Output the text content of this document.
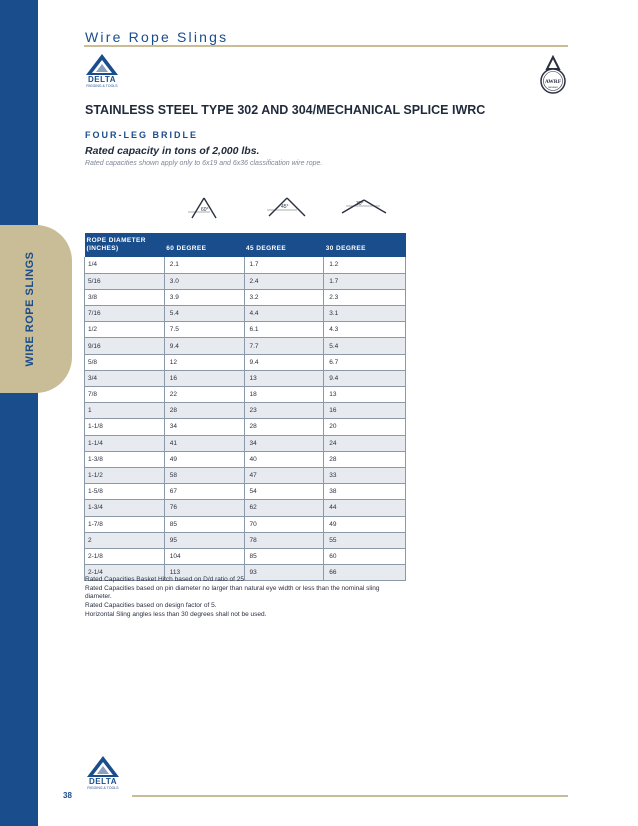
WIRE ROPE SLINGS
Wire Rope Slings
DELTA
RIGGING & TOOLS
AWRF
MEMBER
STAINLESS STEEL TYPE 302 AND 304/MECHANICAL SPLICE IWRC
FOUR-LEG BRIDLE
Rated capacity in tons of 2,000 lbs.
Rated capacities shown apply only to 6x19 and 6x36 classification wire rope.
60°	45°	30°
ROPE DIAMETER (INCHES)	60 DEGREE	45 DEGREE	30 DEGREE
1/4	2.1	1.7	1.2
5/16	3.0	2.4	1.7
3/8	3.9	3.2	2.3
7/16	5.4	4.4	3.1
1/2	7.5	6.1	4.3
9/16	9.4	7.7	5.4
5/8	12	9.4	6.7
3/4	16	13	9.4
7/8	22	18	13
1	28	23	16
1-1/8	34	28	20
1-1/4	41	34	24
1-3/8	49	40	28
1-1/2	58	47	33
1-5/8	67	54	38
1-3/4	76	62	44
1-7/8	85	70	49
2	95	78	55
2-1/8	104	85	60
2-1/4	113	93	66

Rated Capacities Basket Hitch based on D/d ratio of 25

Rated Capacities based on pin diameter no larger than natural eye width or less than the nominal sling diameter.

Rated Capacities based on design factor of 5.

Horizontal Sling angles less than 30 degrees shall not be used.

DELTA
RIGGING & TOOLS
38
